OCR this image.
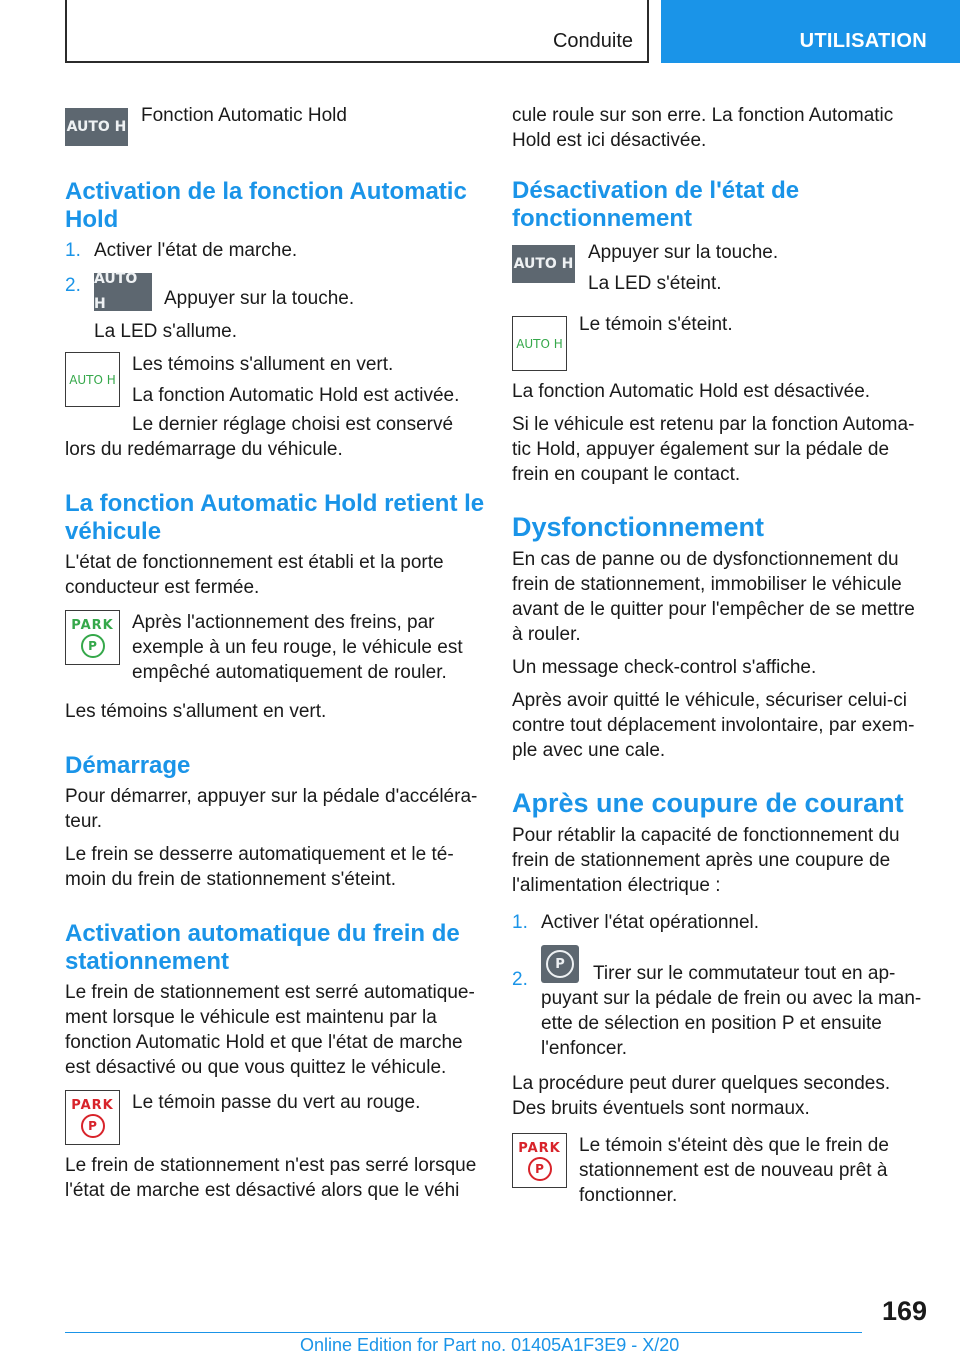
Conduite	UTILISATION
AUTO H

Fonction Automatic Hold

Activation de la fonction Automatic Hold
1. Activer l'état de marche.
2. AUTO H	Appuyer sur la touche.
La LED s'allume.
AUTO H

Les témoins s'allument en vert.

La fonction Automatic Hold est activée.

Le dernier réglage choisi est conservé lors du redémarrage du véhicule.

La fonction Automatic Hold retient le véhicule

L'état de fonctionnement est établi et la porte conducteur est fermée.

PARK
P

Après l'actionnement des freins, par exemple à un feu rouge, le véhicule est empêché automatiquement de rouler.

Les témoins s'allument en vert.

Démarrage

Pour démarrer, appuyer sur la pédale d'accélérateur.

Le frein se desserre automatiquement et le témoin du frein de stationnement s'éteint.

Activation automatique du frein de stationnement

Le frein de stationnement est serré automatiquement lorsque le véhicule est maintenu par la fonction Automatic Hold et que l'état de marche est désactivé ou que vous quittez le véhicule.

PARK
P

Le témoin passe du vert au rouge.

Le frein de stationnement n'est pas serré lorsque l'état de marche est désactivé alors que le véhi

cule roule sur son erre. La fonction Automatic Hold est ici désactivée.

Désactivation de l'état de fonctionnement
AUTO H

Appuyer sur la touche.

La LED s'éteint.

AUTO H

Le témoin s'éteint.

La fonction Automatic Hold est désactivée.

Si le véhicule est retenu par la fonction Automatic Hold, appuyer également sur la pédale de frein en coupant le contact.

Dysfonctionnement

En cas de panne ou de dysfonctionnement du frein de stationnement, immobiliser le véhicule avant de le quitter pour l'empêcher de se mettre à rouler.

Un message check-control s'affiche.

Après avoir quitté le véhicule, sécuriser celui-ci contre tout déplacement involontaire, par exemple avec une cale.

Après une coupure de courant

Pour rétablir la capacité de fonctionnement du frein de stationnement après une coupure de l'alimentation électrique :

1. Activer l'état opérationnel.
2.
P	Tirer sur le commutateur tout en appuyant sur la pédale de frein ou avec la manette de sélection en position P et ensuite l'enfoncer.

La procédure peut durer quelques secondes. Des bruits éventuels sont normaux.

PARK
P

Le témoin s'éteint dès que le frein de stationnement est de nouveau prêt à fonctionner.

169
Online Edition for Part no. 01405A1F3E9 - X/20
